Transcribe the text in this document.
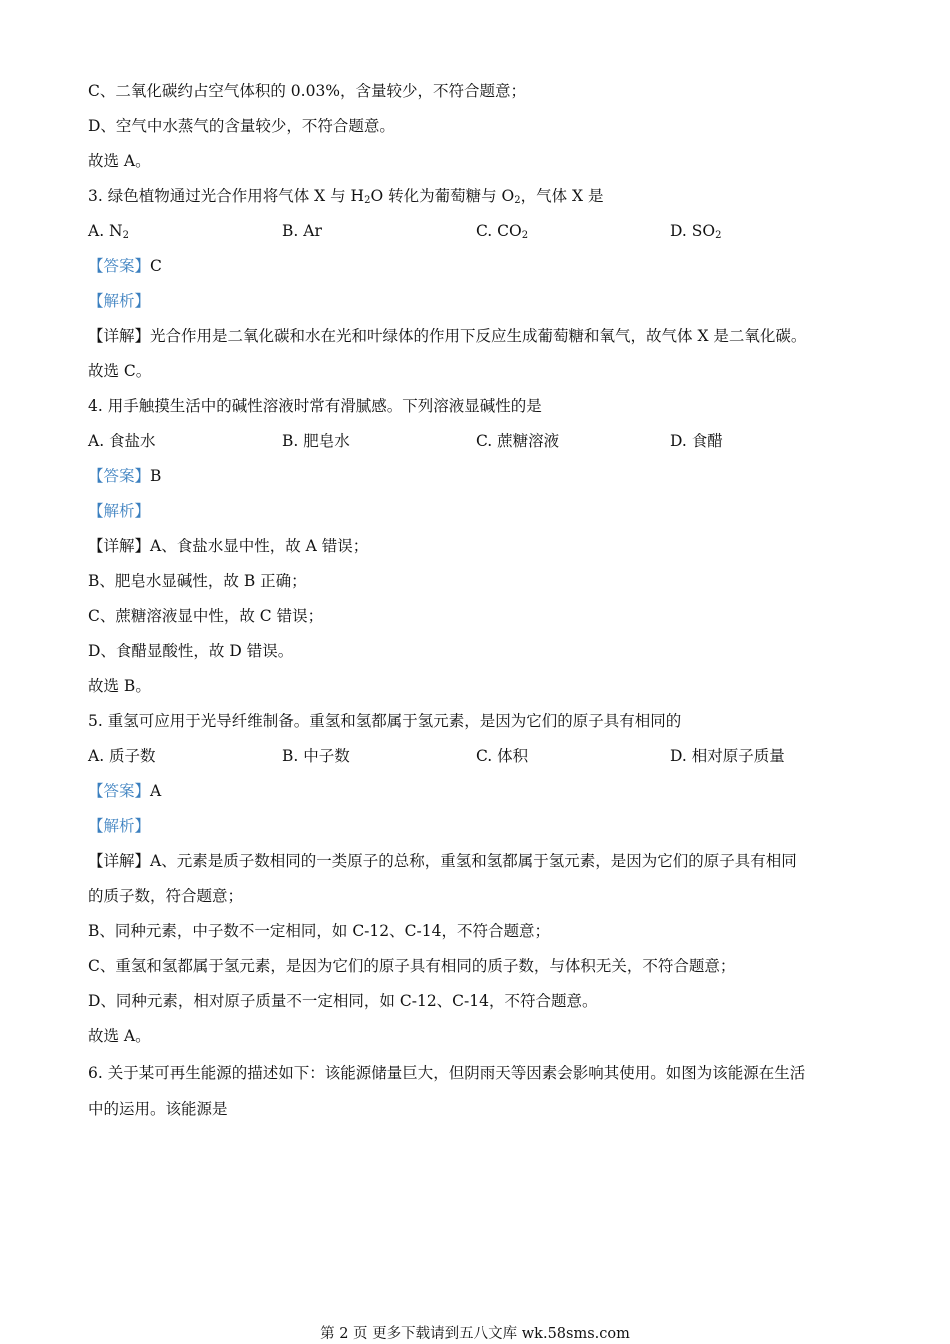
C、二氧化碳约占空气体积的 0.03%，含量较少，不符合题意；
D、空气中水蒸气的含量较少，不符合题意。
故选 A。
3. 绿色植物通过光合作用将气体 X 与 $H_2O$ 转化为葡萄糖与 $O_2$，气体 X 是
A. $N_2$	B. Ar	C. $CO_2$	D. $SO_2$
【答案】C
【解析】
【详解】光合作用是二氧化碳和水在光和叶绿体的作用下反应生成葡萄糖和氧气，故气体 X 是二氧化碳。
故选 C。
4. 用手触摸生活中的碱性溶液时常有滑腻感。下列溶液显碱性的是
A. 食盐水	B. 肥皂水	C. 蔗糖溶液	D. 食醋
【答案】B
【解析】
【详解】A、食盐水显中性，故 A 错误；
B、肥皂水显碱性，故 B 正确；
C、蔗糖溶液显中性，故 C 错误；
D、食醋显酸性，故 D 错误。
故选 B。
5. 重氢可应用于光导纤维制备。重氢和氢都属于氢元素，是因为它们的原子具有相同的
A. 质子数	B. 中子数	C. 体积	D. 相对原子质量
【答案】A
【解析】
【详解】A、元素是质子数相同的一类原子的总称，重氢和氢都属于氢元素，是因为它们的原子具有相同
的质子数，符合题意；
B、同种元素，中子数不一定相同，如 C-12、C-14，不符合题意；
C、重氢和氢都属于氢元素，是因为它们的原子具有相同的质子数，与体积无关，不符合题意；
D、同种元素，相对原子质量不一定相同，如 C-12、C-14，不符合题意。
故选 A。
6. 关于某可再生能源的描述如下：该能源储量巨大，但阴雨天等因素会影响其使用。如图为该能源在生活
中的运用。该能源是
第 2 页 更多下载请到五八文库 wk.58sms.com
